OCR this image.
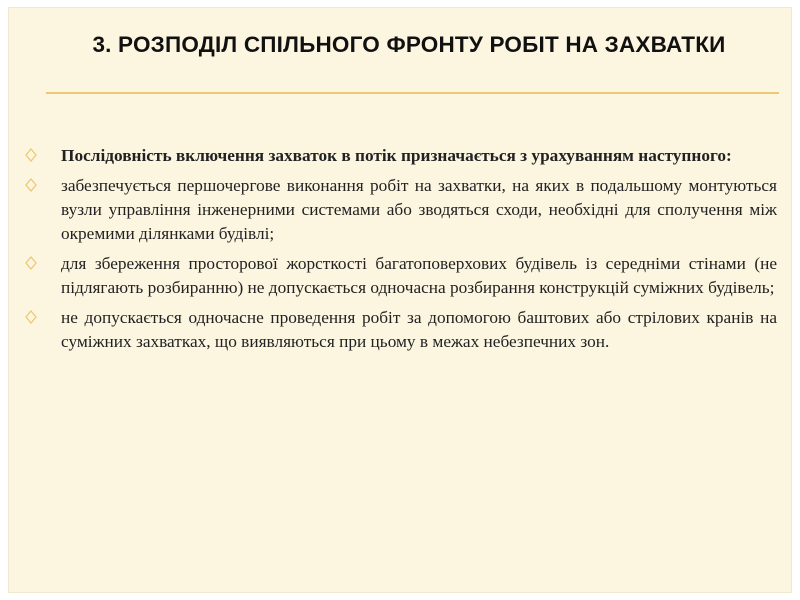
3. РОЗПОДІЛ СПІЛЬНОГО ФРОНТУ РОБІТ НА ЗАХВАТКИ
Послідовність включення захваток в потік призначається з урахуванням наступного:
забезпечується першочергове виконання робіт на захватки, на яких в подальшому монтуються вузли управління інженерними системами або зводяться сходи, необхідні для сполучення між окремими ділянками будівлі;
для збереження просторової жорсткості багатоповерхових будівель із середніми стінами (не підлягають розбиранню) не допускається одночасна розбирання конструкцій суміжних будівель;
не допускається одночасне проведення робіт за допомогою баштових або стрілових кранів на суміжних захватках, що виявляються при цьому в межах небезпечних зон.
